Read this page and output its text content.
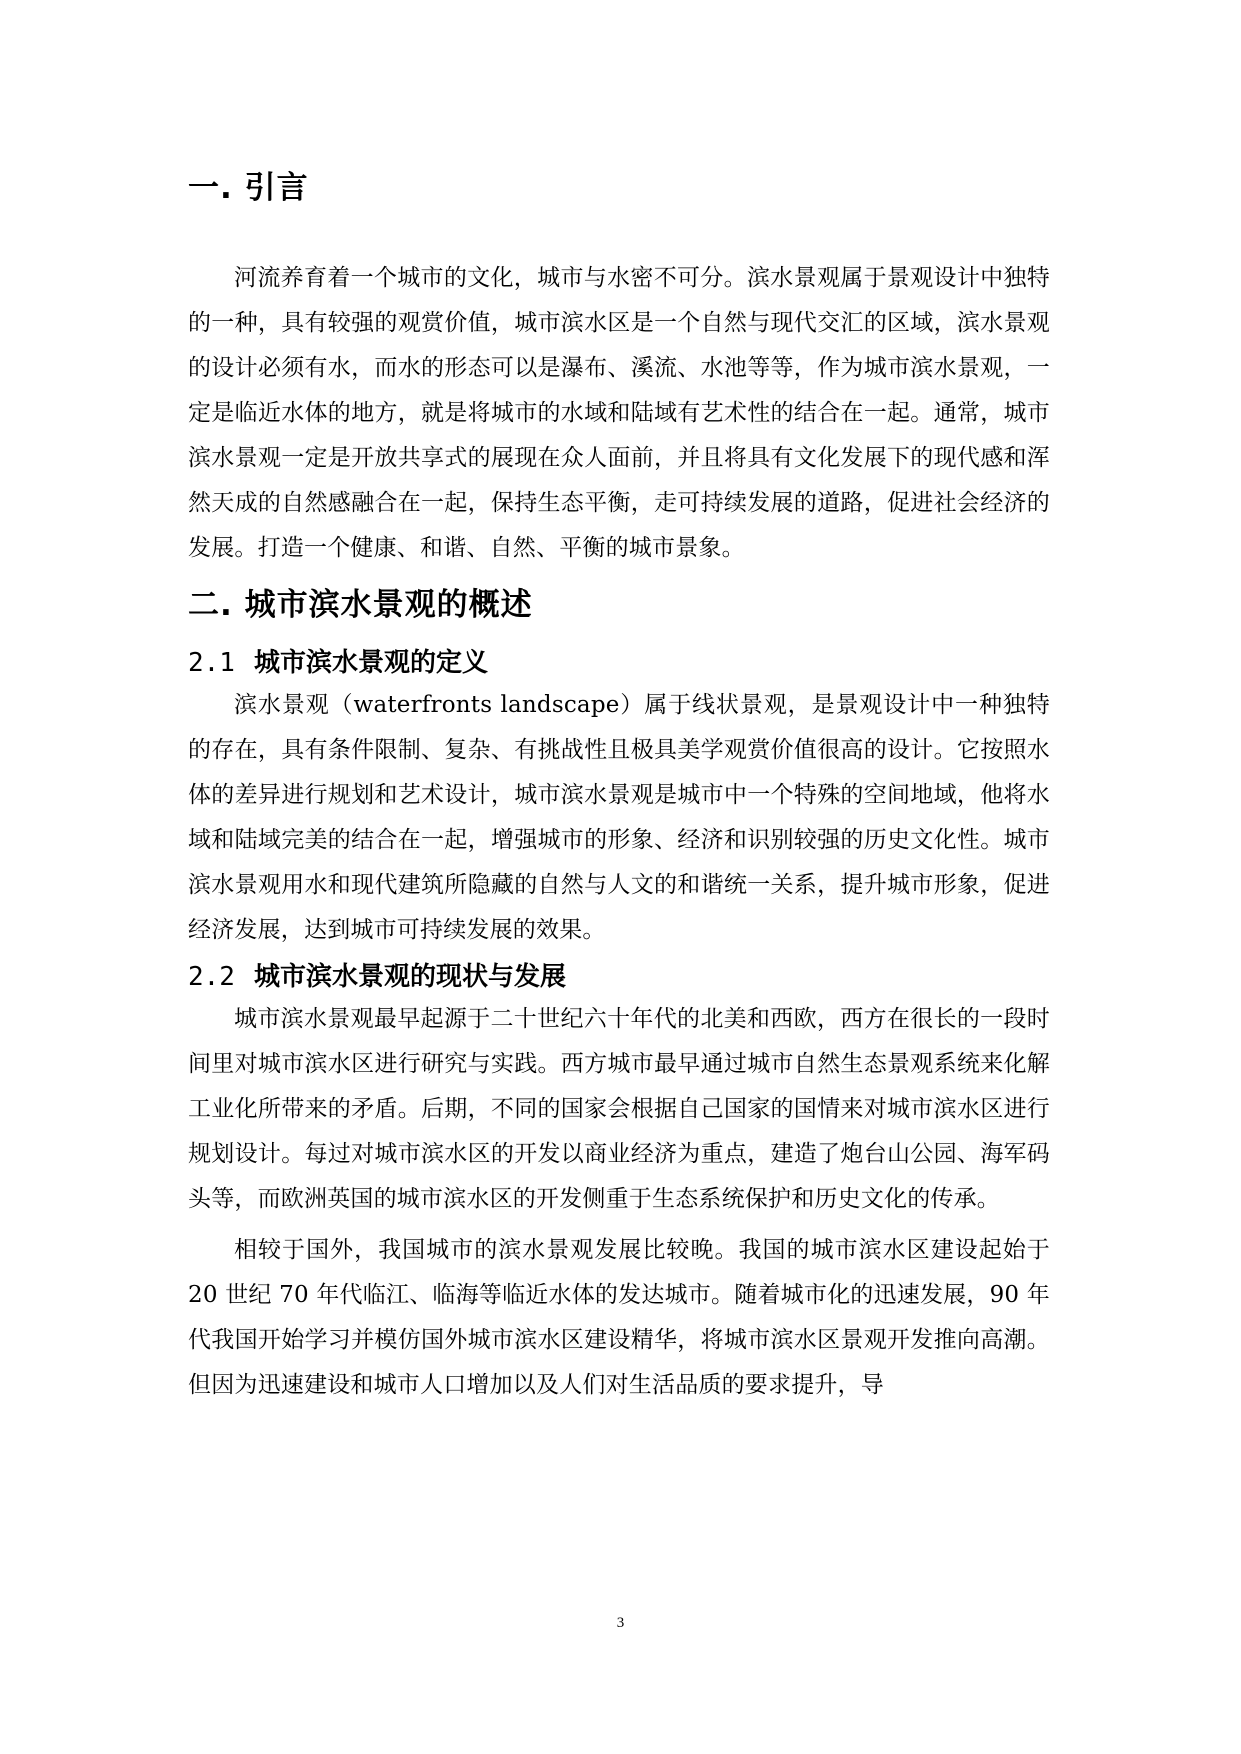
一. 引言

河流养育着一个城市的文化，城市与水密不可分。滨水景观属于景观设计中独特的一种，具有较强的观赏价值，城市滨水区是一个自然与现代交汇的区域，滨水景观的设计必须有水，而水的形态可以是瀑布、溪流、水池等等，作为城市滨水景观，一定是临近水体的地方，就是将城市的水域和陆域有艺术性的结合在一起。通常，城市滨水景观一定是开放共享式的展现在众人面前，并且将具有文化发展下的现代感和浑然天成的自然感融合在一起，保持生态平衡，走可持续发展的道路，促进社会经济的发展。打造一个健康、和谐、自然、平衡的城市景象。

二. 城市滨水景观的概述
2.1 城市滨水景观的定义

滨水景观（waterfronts landscape）属于线状景观，是景观设计中一种独特的存在，具有条件限制、复杂、有挑战性且极具美学观赏价值很高的设计。它按照水体的差异进行规划和艺术设计，城市滨水景观是城市中一个特殊的空间地域，他将水域和陆域完美的结合在一起，增强城市的形象、经济和识别较强的历史文化性。城市滨水景观用水和现代建筑所隐藏的自然与人文的和谐统一关系，提升城市形象，促进经济发展，达到城市可持续发展的效果。

2.2 城市滨水景观的现状与发展

城市滨水景观最早起源于二十世纪六十年代的北美和西欧，西方在很长的一段时间里对城市滨水区进行研究与实践。西方城市最早通过城市自然生态景观系统来化解工业化所带来的矛盾。后期，不同的国家会根据自己国家的国情来对城市滨水区进行规划设计。每过对城市滨水区的开发以商业经济为重点，建造了炮台山公园、海军码头等，而欧洲英国的城市滨水区的开发侧重于生态系统保护和历史文化的传承。

相较于国外，我国城市的滨水景观发展比较晚。我国的城市滨水区建设起始于 20 世纪 70 年代临江、临海等临近水体的发达城市。随着城市化的迅速发展，90 年代我国开始学习并模仿国外城市滨水区建设精华，将城市滨水区景观开发推向高潮。但因为迅速建设和城市人口增加以及人们对生活品质的要求提升，导

3
